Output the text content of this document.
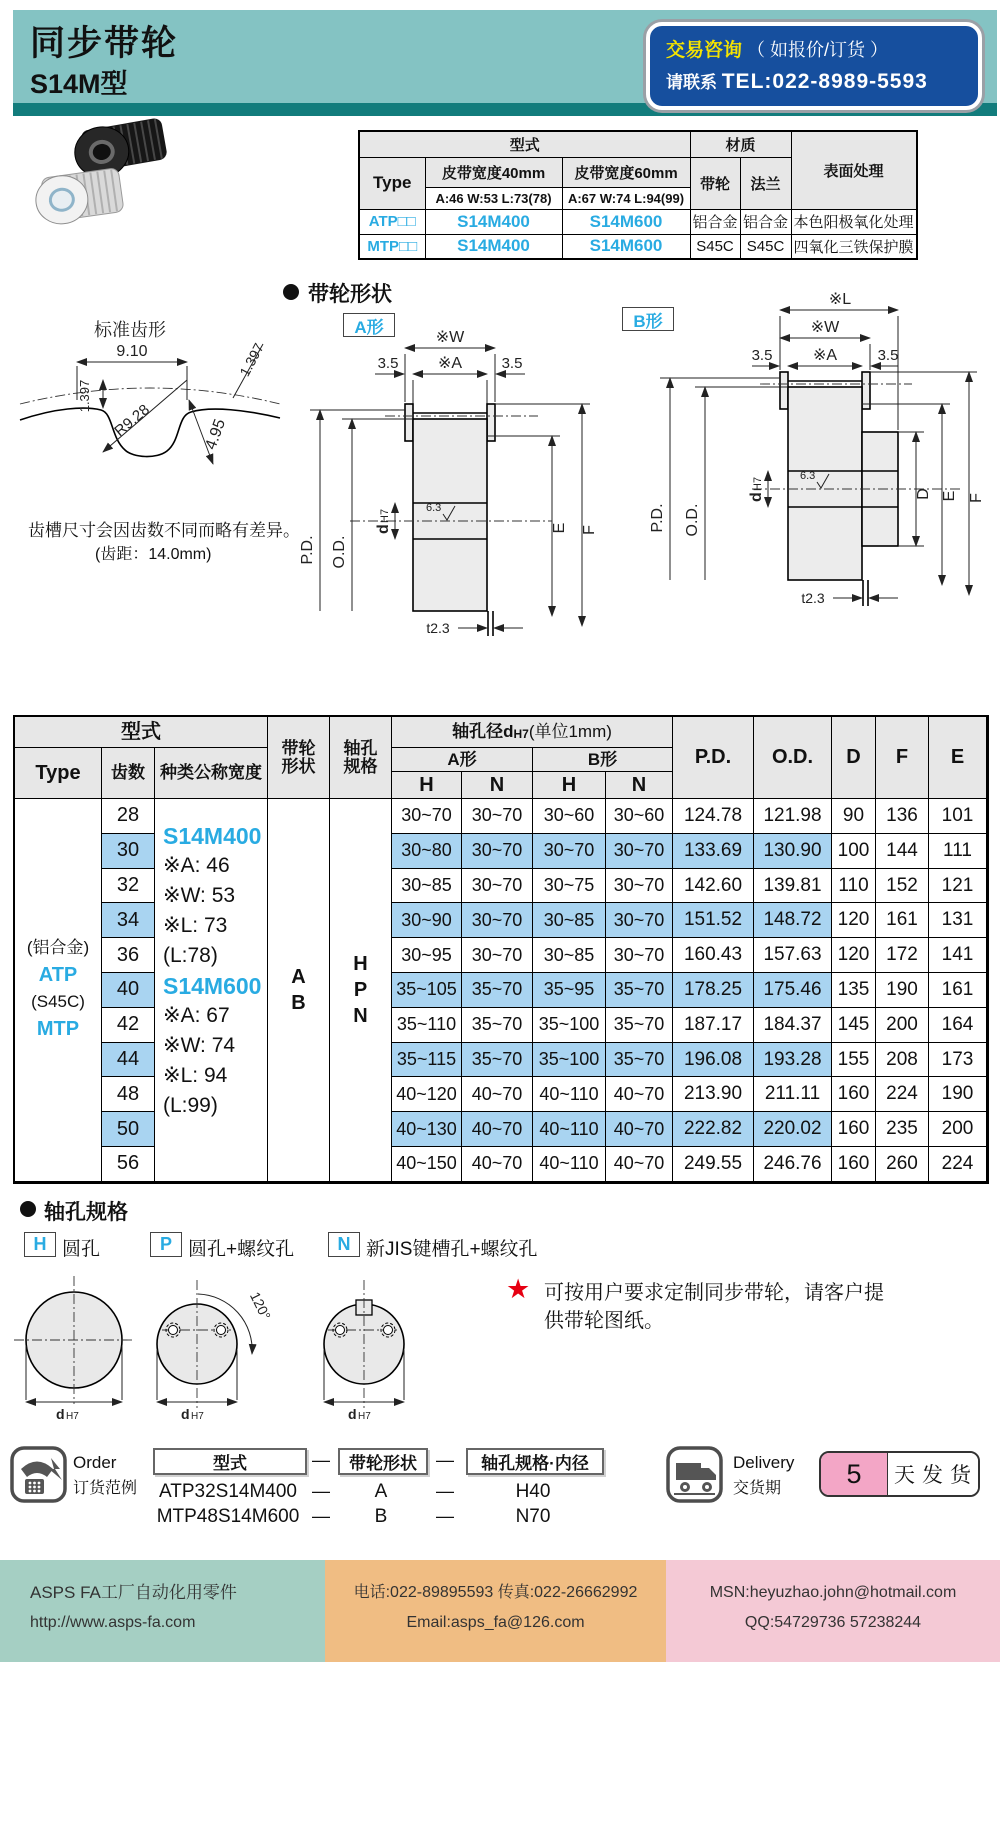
同步带轮
S14M型
交易咨询 （ 如报价/订货 ）
请联系 TEL:022-8989-5593
型式			材质		表面处理
Type	皮带宽度40mm	皮带宽度60mm	带轮	法兰	
	A:46 W:53 L:73(78)	A:67 W:74 L:94(99)			
ATP□□	S14M400	S14M600	铝合金	铝合金	本色阳极氧化处理
MTP□□	S14M400	S14M600	S45C	S45C	四氧化三铁保护膜
带轮形状
标准齿形
9.10
1.397
R9.28	4.95
1.397
齿槽尺寸会因齿数不同而略有差异。
(齿距：14.0mm)
A形
※W
3.5 ※A	3.5
P.D. O.D.
d
H7
6.3
E F
t2.3
B形
※L
※W
3.5	※A	3.5
P.D. O.D.
d
H7
6.3
D E F
t2.3
型式
带轮
形状
轴孔
规格
轴孔径d H7 (单位1mm)
P.D.	O.D.	D	F	E
Type	齿数 种类公称宽度
A形	B形
H	N	H	N
(铝合金)
ATP
(S45C)
MTP
S14M400
※A: 46
※W: 53
※L: 73
(L:78)
S14M600
※A: 67
※W: 74
※L: 94
(L:99)
A
B
H
P
N
28	30~70	30~70	30~60	30~60	124.78	121.98	90	136	101
30	30~80	30~70	30~70	30~70	133.69	130.90 100 144	111
32	30~85	30~70	30~75	30~70	142.60	139.81 110 152	121
34	30~90	30~70	30~85	30~70	151.52	148.72 120 161	131
36	30~95	30~70	30~85	30~70	160.43	157.63 120 172	141
40	35~105 35~70	35~95	35~70	178.25	175.46 135 190	161
42	35~110 35~70 35~100 35~70	187.17	184.37 145 200	164
44	35~115 35~70 35~100 35~70	196.08	193.28 155 208	173
48	40~120 40~70 40~110 40~70	213.90	211.11 160 224	190
50	40~130 40~70 40~110 40~70	222.82	220.02 160 235	200
56	40~150 40~70 40~110 40~70	249.55	246.76 160 260	224
轴孔规格
H 圆孔	P 圆孔+螺纹孔	N 新JIS键槽孔+螺纹孔
d H7
120°
d H7	d H7
★ 可按用户要求定制同步带轮，请客户提
供带轮图纸。
Order
订货范例
型式	—	带轮形状	—	轴孔规格·内径
ATP32S14M400 —	A	—	H40
MTP48S14M600 —	B	—	N70
Delivery
交货期	5	天发货
ASPS FA工厂自动化用零件
http://www.asps-fa.com
电话:022-89895593 传真:022-26662992
Email:asps_fa@126.com
MSN:heyuzhao.john@hotmail.com
QQ:54729736 57238244
